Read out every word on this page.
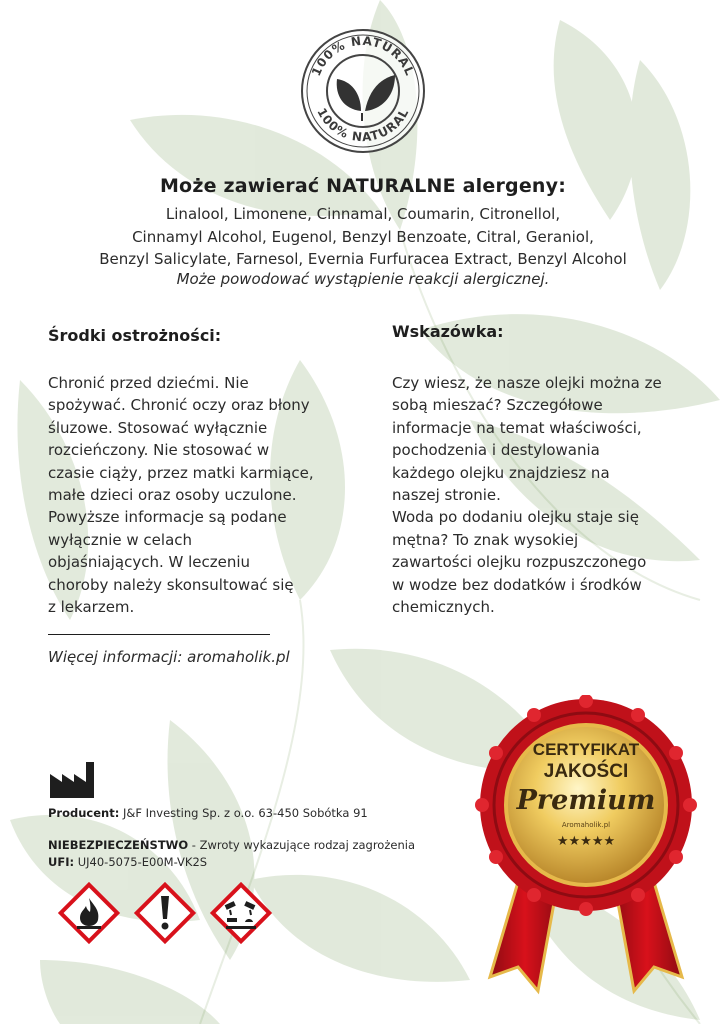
100% NATURAL
100% NATURAL
Może zawierać NATURALNE alergeny:
Linalool, Limonene, Cinnamal, Coumarin, Citronellol,
Cinnamyl Alcohol, Eugenol, Benzyl Benzoate, Citral, Geraniol,
Benzyl Salicylate, Farnesol, Evernia Furfuracea Extract, Benzyl Alcohol
Może powodować wystąpienie reakcji alergicznej.
Środki ostrożności:
Chronić przed dziećmi. Nie
spożywać. Chronić oczy oraz błony
śluzowe. Stosować wyłącznie
rozcieńczony. Nie stosować w
czasie ciąży, przez matki karmiące,
małe dzieci oraz osoby uczulone.
Powyższe informacje są podane
wyłącznie w celach
objaśniających. W leczeniu
choroby należy skonsultować się
z lekarzem.
Wskazówka:
Czy wiesz, że nasze olejki można ze
sobą mieszać? Szczegółowe
informacje na temat właściwości,
pochodzenia i destylowania
każdego olejku znajdziesz na
naszej stronie.
Woda po dodaniu olejku staje się
mętna? To znak wysokiej
zawartości olejku rozpuszczonego
w wodze bez dodatków i środków
chemicznych.
Więcej informacji: aromaholik.pl
Producent: J&F Investing Sp. z o.o. 63-450 Sobótka 91
NIEBEZPIECZEŃSTWO - Zwroty wykazujące rodzaj zagrożenia
UFI: UJ40-5075-E00M-VK2S
CERTYFIKAT
JAKOŚCI
Premium
Aromaholik.pl
★★★★★
